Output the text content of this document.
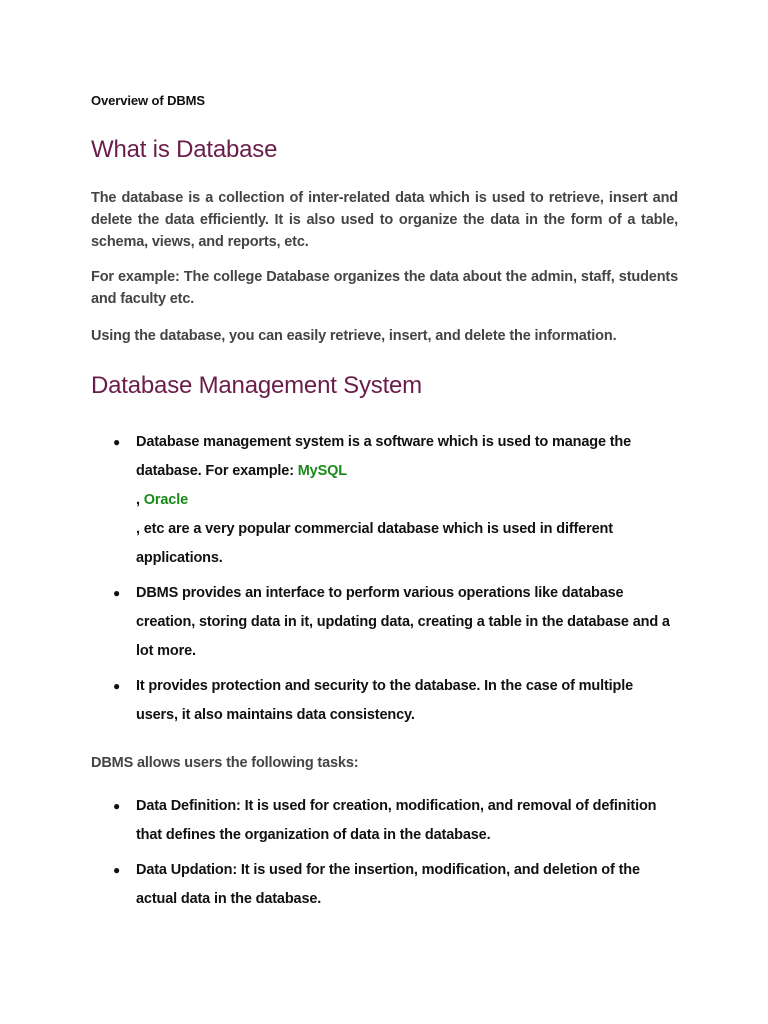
Overview of DBMS
What is Database

The database is a collection of inter-related data which is used to retrieve, insert and delete the data efficiently. It is also used to organize the data in the form of a table, schema, views, and reports, etc.

For example: The college Database organizes the data about the admin, staff, students and faculty etc.

Using the database, you can easily retrieve, insert, and delete the information.

Database Management System
● Database management system is a software which is used to manage the
database. For example: MySQL
, Oracle
, etc are a very popular commercial database which is used in different
applications.
● DBMS provides an interface to perform various operations like database creation, storing data in it, updating data, creating a table in the database and a lot more.
● It provides protection and security to the database. In the case of multiple users, it also maintains data consistency.

DBMS allows users the following tasks:

● Data Definition: It is used for creation, modification, and removal of definition that defines the organization of data in the database.
● Data Updation: It is used for the insertion, modification, and deletion of the actual data in the database.
